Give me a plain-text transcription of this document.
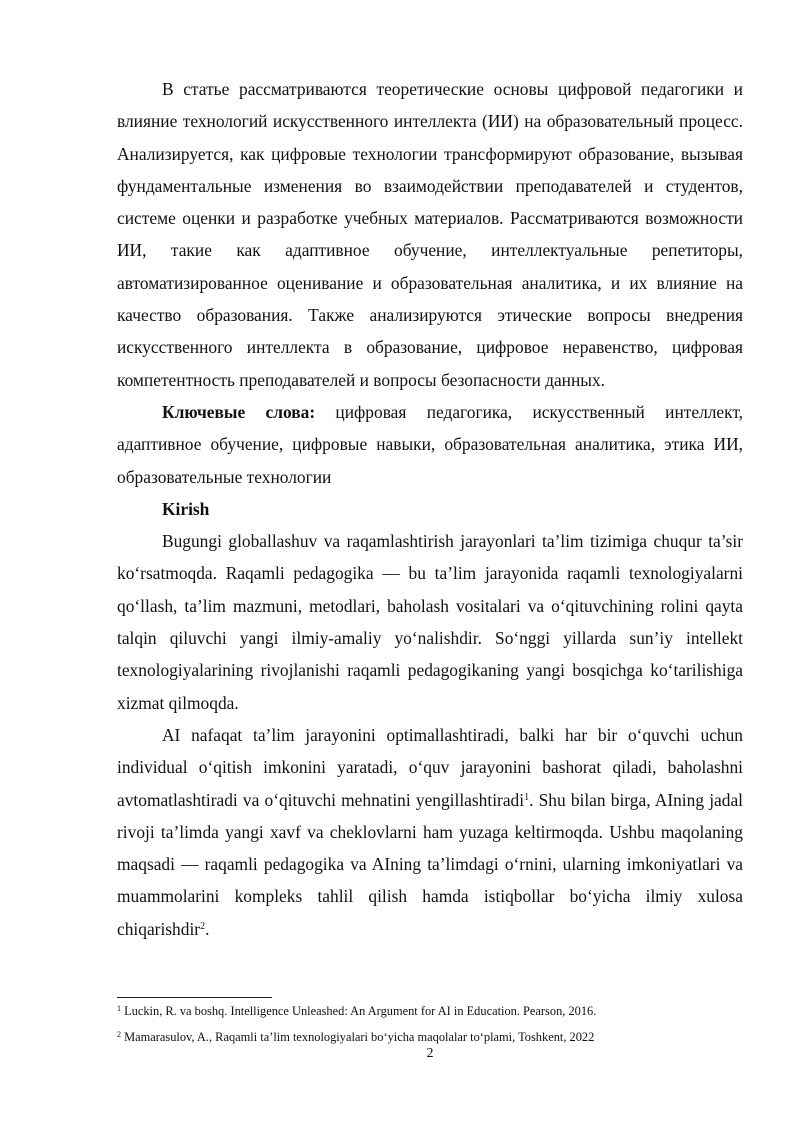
В статье рассматриваются теоретические основы цифровой педагогики и влияние технологий искусственного интеллекта (ИИ) на образовательный процесс. Анализируется, как цифровые технологии трансформируют образование, вызывая фундаментальные изменения во взаимодействии преподавателей и студентов, системе оценки и разработке учебных материалов. Рассматриваются возможности ИИ, такие как адаптивное обучение, интеллектуальные репетиторы, автоматизированное оценивание и образовательная аналитика, и их влияние на качество образования. Также анализируются этические вопросы внедрения искусственного интеллекта в образование, цифровое неравенство, цифровая компетентность преподавателей и вопросы безопасности данных.

Ключевые слова: цифровая педагогика, искусственный интеллект, адаптивное обучение, цифровые навыки, образовательная аналитика, этика ИИ, образовательные технологии

Kirish

Bugungi globallashuv va raqamlashtirish jarayonlari ta’lim tizimiga chuqur ta’sir ko‘rsatmoqda. Raqamli pedagogika — bu ta’lim jarayonida raqamli texnologiyalarni qo‘llash, ta’lim mazmuni, metodlari, baholash vositalari va o‘qituvchining rolini qayta talqin qiluvchi yangi ilmiy-amaliy yo‘nalishdir. So‘nggi yillarda sun’iy intellekt texnologiyalarining rivojlanishi raqamli pedagogikaning yangi bosqichga ko‘tarilishiga xizmat qilmoqda.

AI nafaqat ta’lim jarayonini optimallashtiradi, balki har bir o‘quvchi uchun individual o‘qitish imkonini yaratadi, o‘quv jarayonini bashorat qiladi, baholashni avtomatlashtiradi va o‘qituvchi mehnatini yengillashtiradi$^1$. Shu bilan birga, AIning jadal rivoji ta’limda yangi xavf va cheklovlarni ham yuzaga keltirmoqda. Ushbu maqolaning maqsadi — raqamli pedagogika va AIning ta’limdagi o‘rnini, ularning imkoniyatlari va muammolarini kompleks tahlil qilish hamda istiqbollar bo‘yicha ilmiy xulosa chiqarishdir$^2$.

$^1$ Luckin, R. va boshq. Intelligence Unleashed: An Argument for AI in Education. Pearson, 2016.
$^2$ Mamarasulov, A., Raqamli ta’lim texnologiyalari bo‘yicha maqolalar to‘plami, Toshkent, 2022
2
